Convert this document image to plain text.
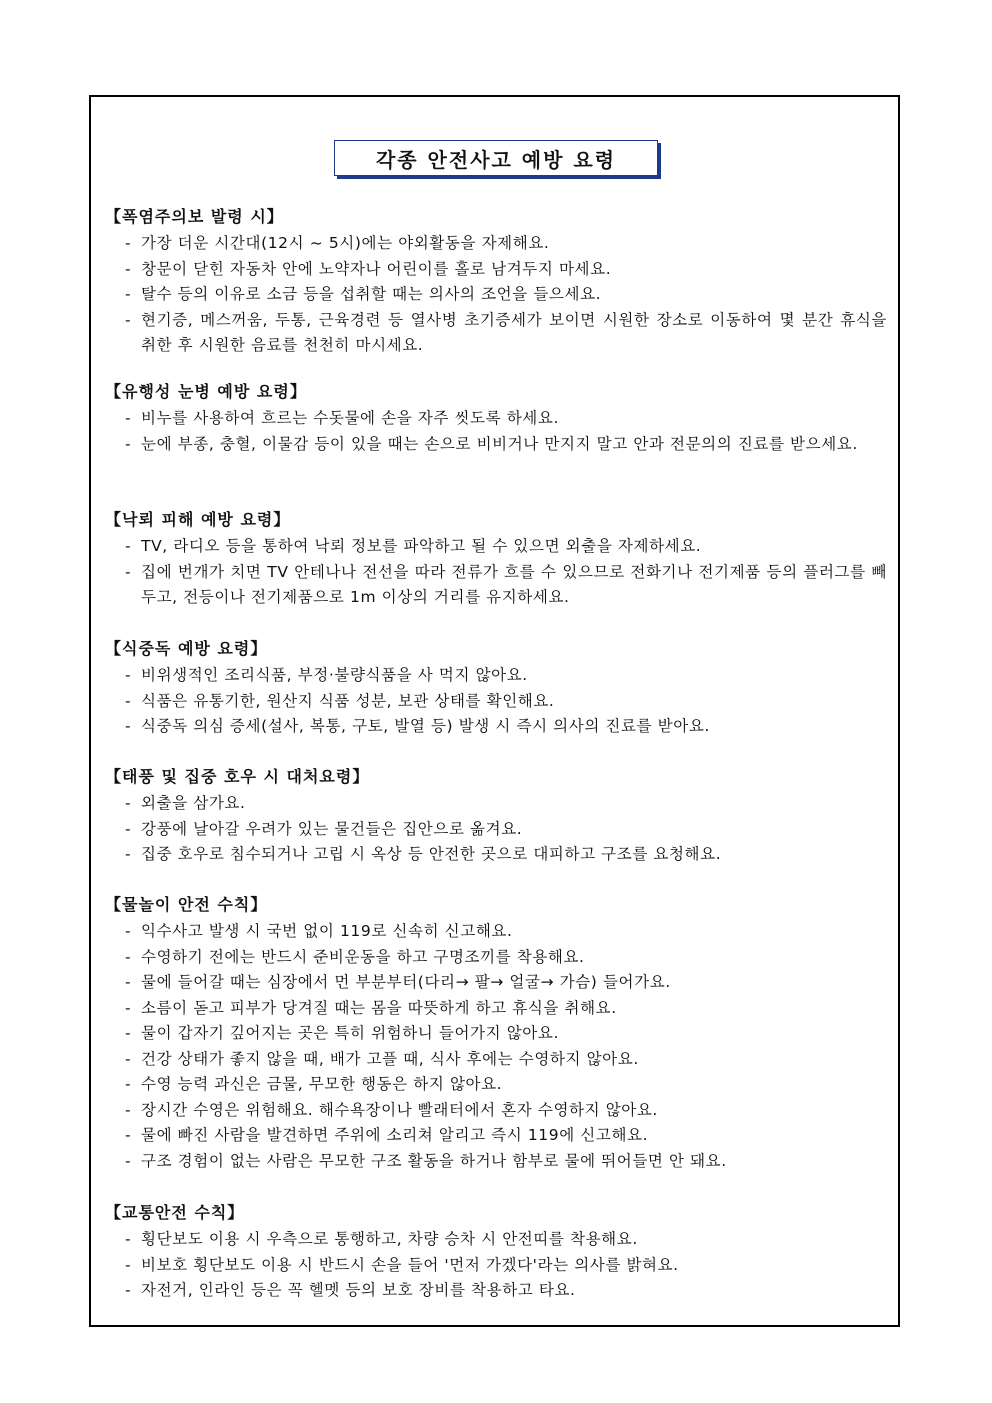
각종 안전사고 예방 요령
【폭염주의보 발령 시】
- 가장 더운 시간대(12시 ~ 5시)에는 야외활동을 자제해요.
- 창문이 닫힌 자동차 안에 노약자나 어린이를 홀로 남겨두지 마세요.
- 탈수 등의 이유로 소금 등을 섭취할 때는 의사의 조언을 들으세요.
- 현기증, 메스꺼움, 두통, 근육경련 등 열사병 초기증세가 보이면 시원한 장소로 이동하여 몇 분간 휴식을 취한 후 시원한 음료를 천천히 마시세요.
【유행성 눈병 예방 요령】
- 비누를 사용하여 흐르는 수돗물에 손을 자주 씻도록 하세요.
- 눈에 부종, 충혈, 이물감 등이 있을 때는 손으로 비비거나 만지지 말고 안과 전문의의 진료를 받으세요.
【낙뢰 피해 예방 요령】
- TV, 라디오 등을 통하여 낙뢰 정보를 파악하고 될 수 있으면 외출을 자제하세요.
- 집에 번개가 치면 TV 안테나나 전선을 따라 전류가 흐를 수 있으므로 전화기나 전기제품 등의 플러그를 빼 두고, 전등이나 전기제품으로 1m 이상의 거리를 유지하세요.
【식중독 예방 요령】
- 비위생적인 조리식품, 부정·불량식품을 사 먹지 않아요.
- 식품은 유통기한, 원산지 식품 성분, 보관 상태를 확인해요.
- 식중독 의심 증세(설사, 복통, 구토, 발열 등) 발생 시 즉시 의사의 진료를 받아요.
【태풍 및 집중 호우 시 대처요령】
- 외출을 삼가요.
- 강풍에 날아갈 우려가 있는 물건들은 집안으로 옮겨요.
- 집중 호우로 침수되거나 고립 시 옥상 등 안전한 곳으로 대피하고 구조를 요청해요.
【물놀이 안전 수칙】
- 익수사고 발생 시 국번 없이 119로 신속히 신고해요.
- 수영하기 전에는 반드시 준비운동을 하고 구명조끼를 착용해요.
- 물에 들어갈 때는 심장에서 먼 부분부터(다리→ 팔→ 얼굴→ 가슴) 들어가요.
- 소름이 돋고 피부가 당겨질 때는 몸을 따뜻하게 하고 휴식을 취해요.
- 물이 갑자기 깊어지는 곳은 특히 위험하니 들어가지 않아요.
- 건강 상태가 좋지 않을 때, 배가 고플 때, 식사 후에는 수영하지 않아요.
- 수영 능력 과신은 금물, 무모한 행동은 하지 않아요.
- 장시간 수영은 위험해요. 해수욕장이나 빨래터에서 혼자 수영하지 않아요.
- 물에 빠진 사람을 발견하면 주위에 소리쳐 알리고 즉시 119에 신고해요.
- 구조 경험이 없는 사람은 무모한 구조 활동을 하거나 함부로 물에 뛰어들면 안 돼요.
【교통안전 수칙】
- 횡단보도 이용 시 우측으로 통행하고, 차량 승차 시 안전띠를 착용해요.
- 비보호 횡단보도 이용 시 반드시 손을 들어 '먼저 가겠다'라는 의사를 밝혀요.
- 자전거, 인라인 등은 꼭 헬멧 등의 보호 장비를 착용하고 타요.
